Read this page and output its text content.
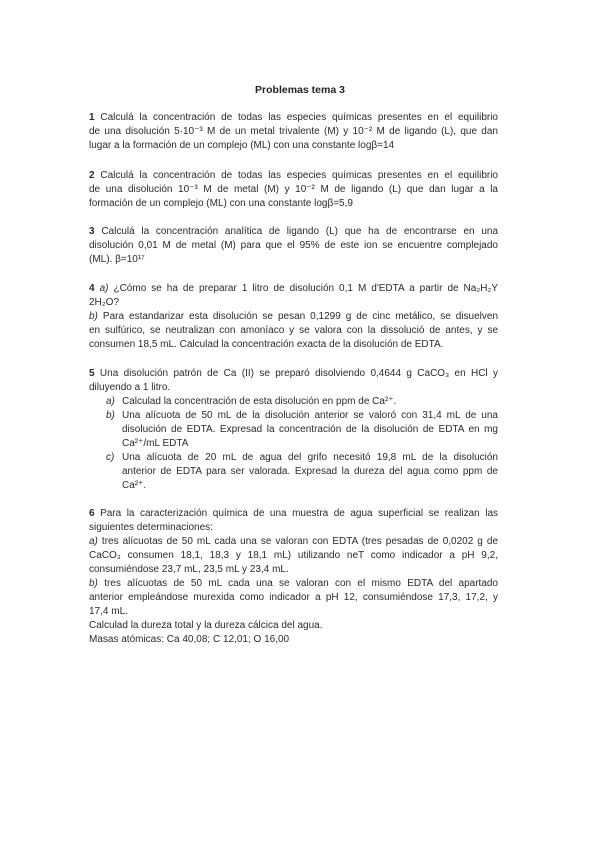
Problemas tema 3
1 Calculá la concentración de todas las especies químicas presentes en el equilibrio
de una disolución 5·10⁻³ M de un metal trivalente (M) y 10⁻² M de ligando (L), que dan
lugar a la formación de un complejo (ML) con una constante logβ=14
2 Calculá la concentración de todas las especies químicas presentes en el equilibrio
de una disolución 10⁻³ M de metal (M) y 10⁻² M de ligando (L) que dan lugar a la
formación de un complejo (ML) con una constante logβ=5,9
3 Calculá la concentración analítica de ligando (L) que ha de encontrarse en una
disolución 0,01 M de metal (M) para que el 95% de este ion se encuentre complejado
(ML). β=10¹⁷
4 a) ¿Cómo se ha de preparar 1 litro de disolución 0,1 M d'EDTA a partir de Na₂H₂Y
2H₂O?
b) Para estandarizar esta disolución se pesan 0,1299 g de cinc metálico, se disuelven
en sulfúrico, se neutralizan con amoníaco y se valora con la dissolució de antes, y se
consumen 18,5 mL. Calculad la concentración exacta de la disolución de EDTA.
5 Una disolución patrón de Ca (II) se preparó disolviendo 0,4644 g CaCO₃ en HCl y
diluyendo a 1 litro.
a) Calculad la concentración de esta disolución en ppm de Ca²⁺.
b) Una alícuota de 50 mL de la disolución anterior se valoró con 31,4 mL de una
disolución de EDTA. Expresad la concentración de la disolución de EDTA en mg
Ca²⁺/mL EDTA
c) Una alícuota de 20 mL de agua del grifo necesitó 19,8 mL de la disolución
anterior de EDTA para ser valorada. Expresad la dureza del agua como ppm de
Ca²⁺.
6 Para la caracterización química de una muestra de agua superficial se realizan las
siguientes determinaciones:
a) tres alícuotas de 50 mL cada una se valoran con EDTA (tres pesadas de 0,0202 g de
CaCO₃ consumen 18,1, 18,3 y 18,1 mL) utilizando neT como indicador a pH 9,2,
consumiéndose 23,7 mL, 23,5 mL y 23,4 mL.
b) tres alícuotas de 50 mL cada una se valoran con el mismo EDTA del apartado
anterior empleándose murexida como indicador a pH 12, consumiéndose 17,3, 17,2, y
17,4 mL.
Calculad la dureza total y la dureza cálcica del agua.
Masas atómicas: Ca 40,08; C 12,01; O 16,00
